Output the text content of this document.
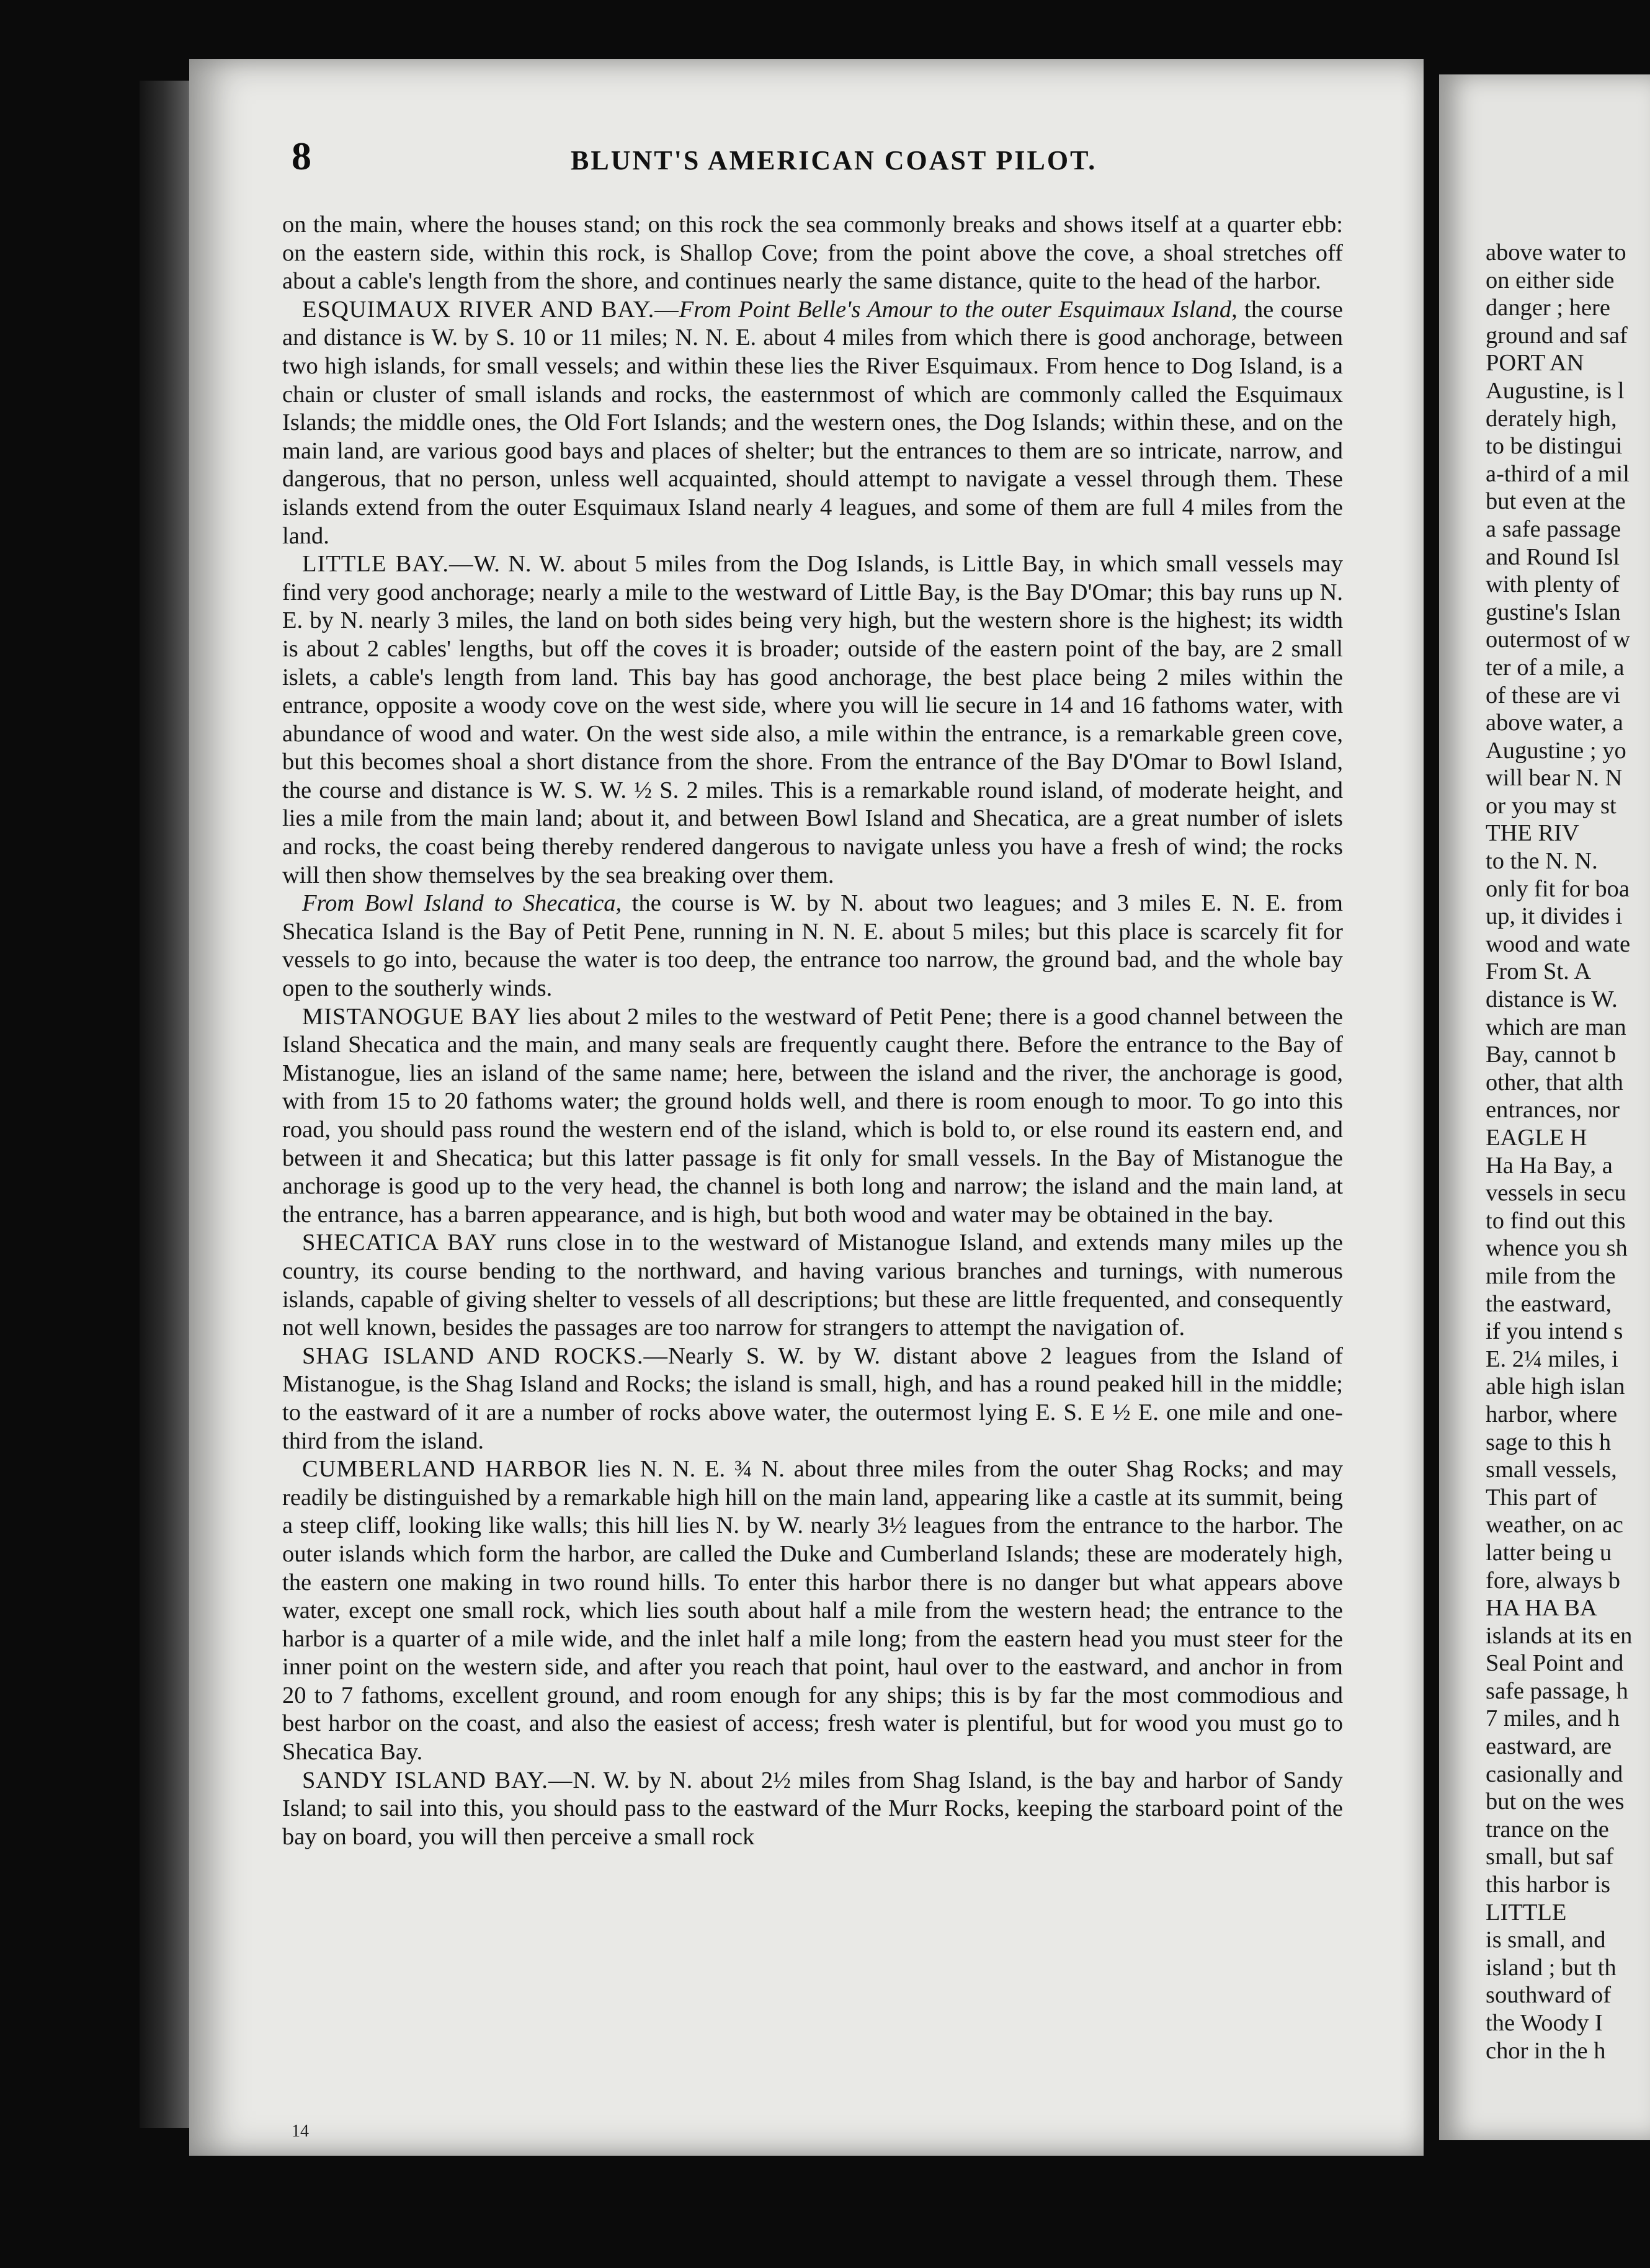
8	BLUNT'S AMERICAN COAST PILOT.

on the main, where the houses stand; on this rock the sea commonly breaks and shows itself at a quarter ebb: on the eastern side, within this rock, is Shallop Cove; from the point above the cove, a shoal stretches off about a cable's length from the shore, and continues nearly the same distance, quite to the head of the harbor.

ESQUIMAUX RIVER AND BAY.—From Point Belle's Amour to the outer Esquimaux Island, the course and distance is W. by S. 10 or 11 miles; N. N. E. about 4 miles from which there is good anchorage, between two high islands, for small vessels; and within these lies the River Esquimaux. From hence to Dog Island, is a chain or cluster of small islands and rocks, the easternmost of which are commonly called the Esquimaux Islands; the middle ones, the Old Fort Islands; and the western ones, the Dog Islands; within these, and on the main land, are various good bays and places of shelter; but the entrances to them are so intricate, narrow, and dangerous, that no person, unless well acquainted, should attempt to navigate a vessel through them. These islands extend from the outer Esquimaux Island nearly 4 leagues, and some of them are full 4 miles from the land.

LITTLE BAY.—W. N. W. about 5 miles from the Dog Islands, is Little Bay, in which small vessels may find very good anchorage; nearly a mile to the westward of Little Bay, is the Bay D'Omar; this bay runs up N. E. by N. nearly 3 miles, the land on both sides being very high, but the western shore is the highest; its width is about 2 cables' lengths, but off the coves it is broader; outside of the eastern point of the bay, are 2 small islets, a cable's length from land. This bay has good anchorage, the best place being 2 miles within the entrance, opposite a woody cove on the west side, where you will lie secure in 14 and 16 fathoms water, with abundance of wood and water. On the west side also, a mile within the entrance, is a remarkable green cove, but this becomes shoal a short distance from the shore. From the entrance of the Bay D'Omar to Bowl Island, the course and distance is W. S. W. ½ S. 2 miles. This is a remarkable round island, of moderate height, and lies a mile from the main land; about it, and between Bowl Island and Shecatica, are a great number of islets and rocks, the coast being thereby rendered dangerous to navigate unless you have a fresh of wind; the rocks will then show themselves by the sea breaking over them.

From Bowl Island to Shecatica, the course is W. by N. about two leagues; and 3 miles E. N. E. from Shecatica Island is the Bay of Petit Pene, running in N. N. E. about 5 miles; but this place is scarcely fit for vessels to go into, because the water is too deep, the entrance too narrow, the ground bad, and the whole bay open to the southerly winds.

MISTANOGUE BAY lies about 2 miles to the westward of Petit Pene; there is a good channel between the Island Shecatica and the main, and many seals are frequently caught there. Before the entrance to the Bay of Mistanogue, lies an island of the same name; here, between the island and the river, the anchorage is good, with from 15 to 20 fathoms water; the ground holds well, and there is room enough to moor. To go into this road, you should pass round the western end of the island, which is bold to, or else round its eastern end, and between it and Shecatica; but this latter passage is fit only for small vessels. In the Bay of Mistanogue the anchorage is good up to the very head, the channel is both long and narrow; the island and the main land, at the entrance, has a barren appearance, and is high, but both wood and water may be obtained in the bay.

SHECATICA BAY runs close in to the westward of Mistanogue Island, and extends many miles up the country, its course bending to the northward, and having various branches and turnings, with numerous islands, capable of giving shelter to vessels of all descriptions; but these are little frequented, and consequently not well known, besides the passages are too narrow for strangers to attempt the navigation of.

SHAG ISLAND AND ROCKS.—Nearly S. W. by W. distant above 2 leagues from the Island of Mistanogue, is the Shag Island and Rocks; the island is small, high, and has a round peaked hill in the middle; to the eastward of it are a number of rocks above water, the outermost lying E. S. E ½ E. one mile and one-third from the island.

CUMBERLAND HARBOR lies N. N. E. ¾ N. about three miles from the outer Shag Rocks; and may readily be distinguished by a remarkable high hill on the main land, appearing like a castle at its summit, being a steep cliff, looking like walls; this hill lies N. by W. nearly 3½ leagues from the entrance to the harbor. The outer islands which form the harbor, are called the Duke and Cumberland Islands; these are moderately high, the eastern one making in two round hills. To enter this harbor there is no danger but what appears above water, except one small rock, which lies south about half a mile from the western head; the entrance to the harbor is a quarter of a mile wide, and the inlet half a mile long; from the eastern head you must steer for the inner point on the western side, and after you reach that point, haul over to the eastward, and anchor in from 20 to 7 fathoms, excellent ground, and room enough for any ships; this is by far the most commodious and best harbor on the coast, and also the easiest of access; fresh water is plentiful, but for wood you must go to Shecatica Bay.

SANDY ISLAND BAY.—N. W. by N. about 2½ miles from Shag Island, is the bay and harbor of Sandy Island; to sail into this, you should pass to the eastward of the Murr Rocks, keeping the starboard point of the bay on board, you will then perceive a small rock

14
above water to
on either side
danger ; here
ground and saf
PORT AN
Augustine, is l
derately high,
to be distingui
a-third of a mil
but even at the
a safe passage
and Round Isl
with plenty of
gustine's Islan
outermost of w
ter of a mile, a
of these are vi
above water, a
Augustine ; yo
will bear N. N
or you may st
THE RIV
to the N. N.
only fit for boa
up, it divides i
wood and wate
From St. A
distance is W.
which are man
Bay, cannot b
other, that alth
entrances, nor
EAGLE H
Ha Ha Bay, a
vessels in secu
to find out this
whence you sh
mile from the
the eastward,
if you intend s
E. 2¼ miles, i
able high islan
harbor, where
sage to this h
small vessels,
This part of
weather, on ac
latter being u
fore, always b
HA HA BA
islands at its en
Seal Point and
safe passage, h
7 miles, and h
eastward, are
casionally and
but on the wes
trance on the
small, but saf
this harbor is
LITTLE
is small, and
island ; but th
southward of
the Woody I
chor in the h
